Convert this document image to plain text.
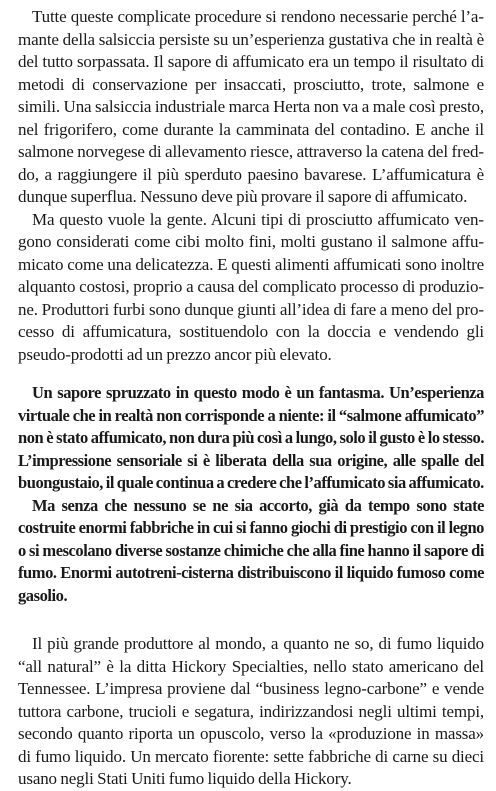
Tutte queste complicate procedure si rendono necessarie perché l’amante della salsiccia persiste su un’esperienza gustativa che in realtà è del tutto sorpassata. Il sapore di affumicato era un tempo il risultato di metodi di conservazione per insaccati, prosciutto, trote, salmone e simili. Una salsiccia industriale marca Herta non va a male così presto, nel frigorifero, come durante la camminata del contadino. E anche il salmone norvegese di allevamento riesce, attraverso la catena del freddo, a raggiungere il più sperduto paesino bavarese. L’affumicatura è dunque superflua. Nessuno deve più provare il sapore di affumicato.

Ma questo vuole la gente. Alcuni tipi di prosciutto affumicato vengono considerati come cibi molto fini, molti gustano il salmone affumicato come una delicatezza. E questi alimenti affumicati sono inoltre alquanto costosi, proprio a causa del complicato processo di produzione. Produttori furbi sono dunque giunti all’idea di fare a meno del processo di affumicatura, sostituendolo con la doccia e vendendo gli pseudo-prodotti ad un prezzo ancor più elevato.

Un sapore spruzzato in questo modo è un fantasma. Un’esperienza virtuale che in realtà non corrisponde a niente: il “salmone affumicato” non è stato affumicato, non dura più così a lungo, solo il gusto è lo stesso. L’impressione sensoriale si è liberata della sua origine, alle spalle del buongustaio, il quale continua a credere che l’affumicato sia affumicato.

Ma senza che nessuno se ne sia accorto, già da tempo sono state costruite enormi fabbriche in cui si fanno giochi di prestigio con il legno o si mescolano diverse sostanze chimiche che alla fine hanno il sapore di fumo. Enormi autotreni-cisterna distribuiscono il liquido fumoso come gasolio.

Il più grande produttore al mondo, a quanto ne so, di fumo liquido “all natural” è la ditta Hickory Specialties, nello stato americano del Tennessee. L’impresa proviene dal “business legno-carbone” e vende tuttora carbone, trucioli e segatura, indirizzandosi negli ultimi tempi, secondo quanto riporta un opuscolo, verso la «produzione in massa» di fumo liquido. Un mercato fiorente: sette fabbriche di carne su dieci usano negli Stati Uniti fumo liquido della Hickory.
